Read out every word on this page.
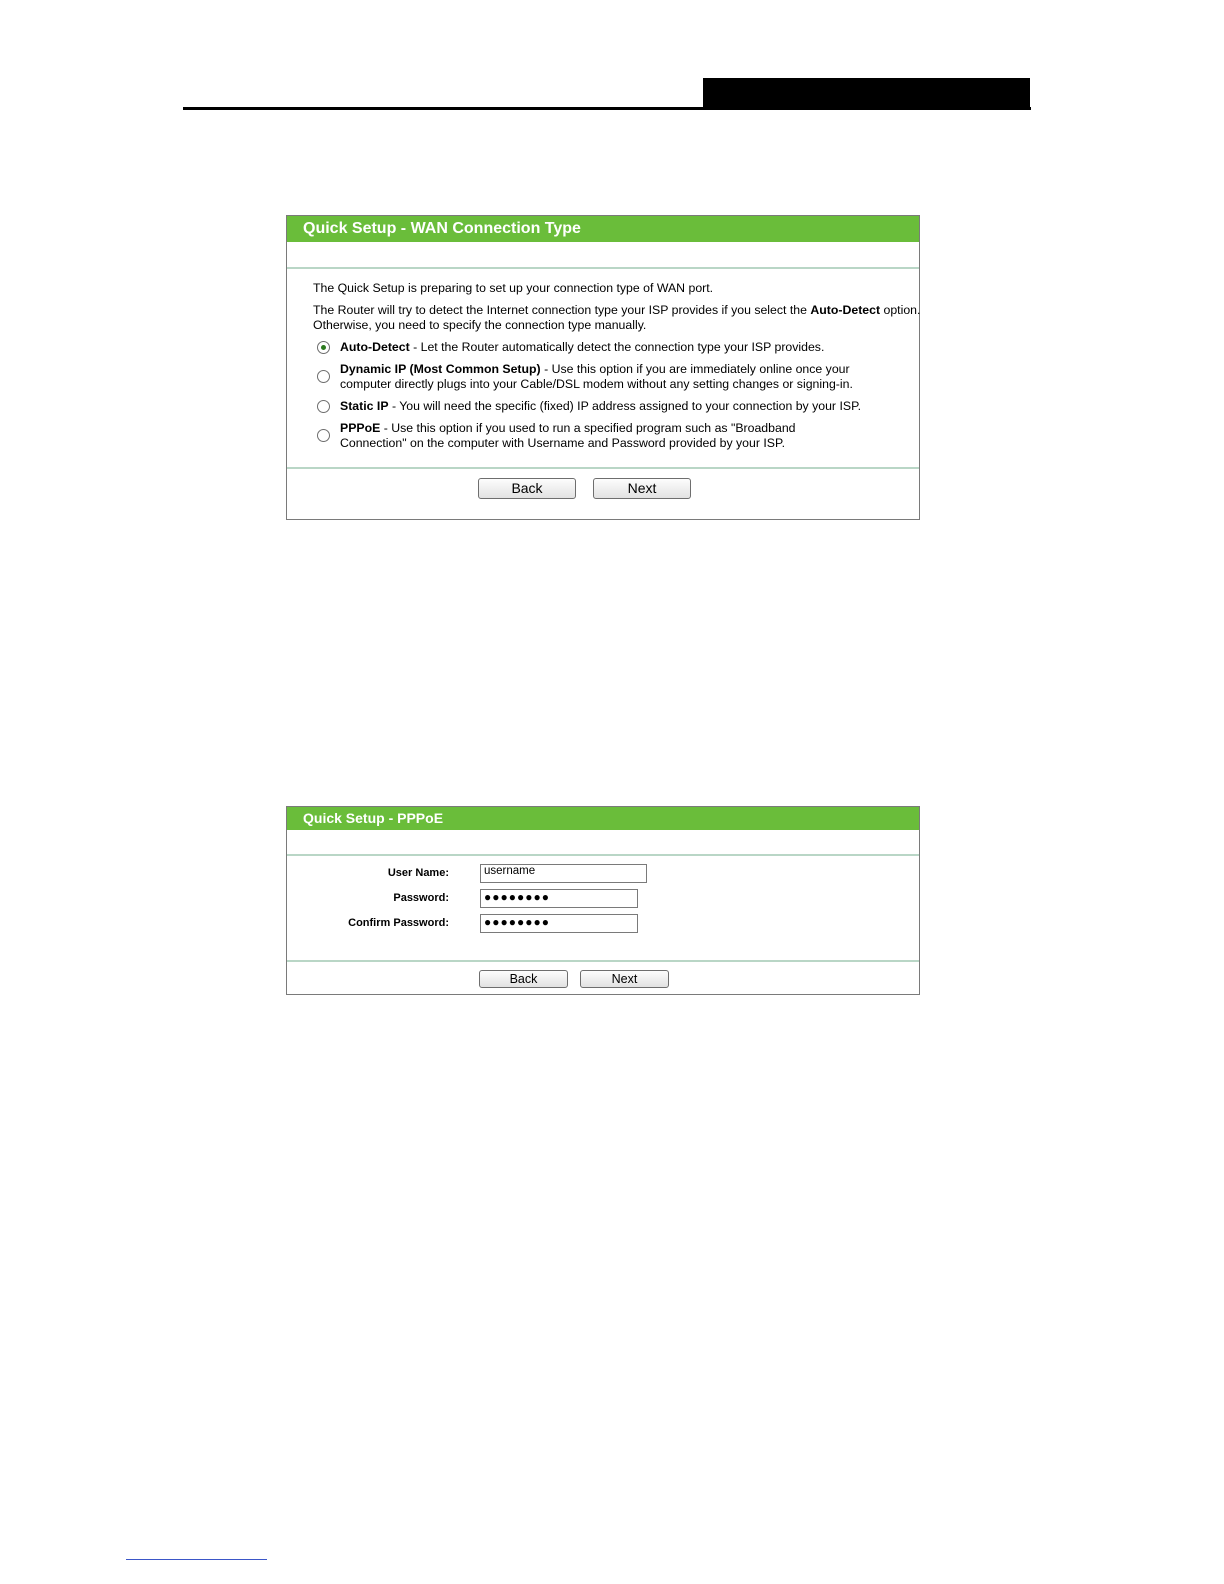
Quick Setup - WAN Connection Type

The Quick Setup is preparing to set up your connection type of WAN port.

The Router will try to detect the Internet connection type your ISP provides if you select the Auto-Detect option.
Otherwise, you need to specify the connection type manually.

Auto-Detect - Let the Router automatically detect the connection type your ISP provides.
Dynamic IP (Most Common Setup) - Use this option if you are immediately online once your
computer directly plugs into your Cable/DSL modem without any setting changes or signing-in.
Static IP - You will need the specific (fixed) IP address assigned to your connection by your ISP.
PPPoE - Use this option if you used to run a specified program such as "Broadband
Connection" on the computer with Username and Password provided by your ISP.
Back	Next
Quick Setup - PPPoE
User Name:	username
Password:	●●●●●●●●
Confirm Password:	●●●●●●●●
Back	Next
